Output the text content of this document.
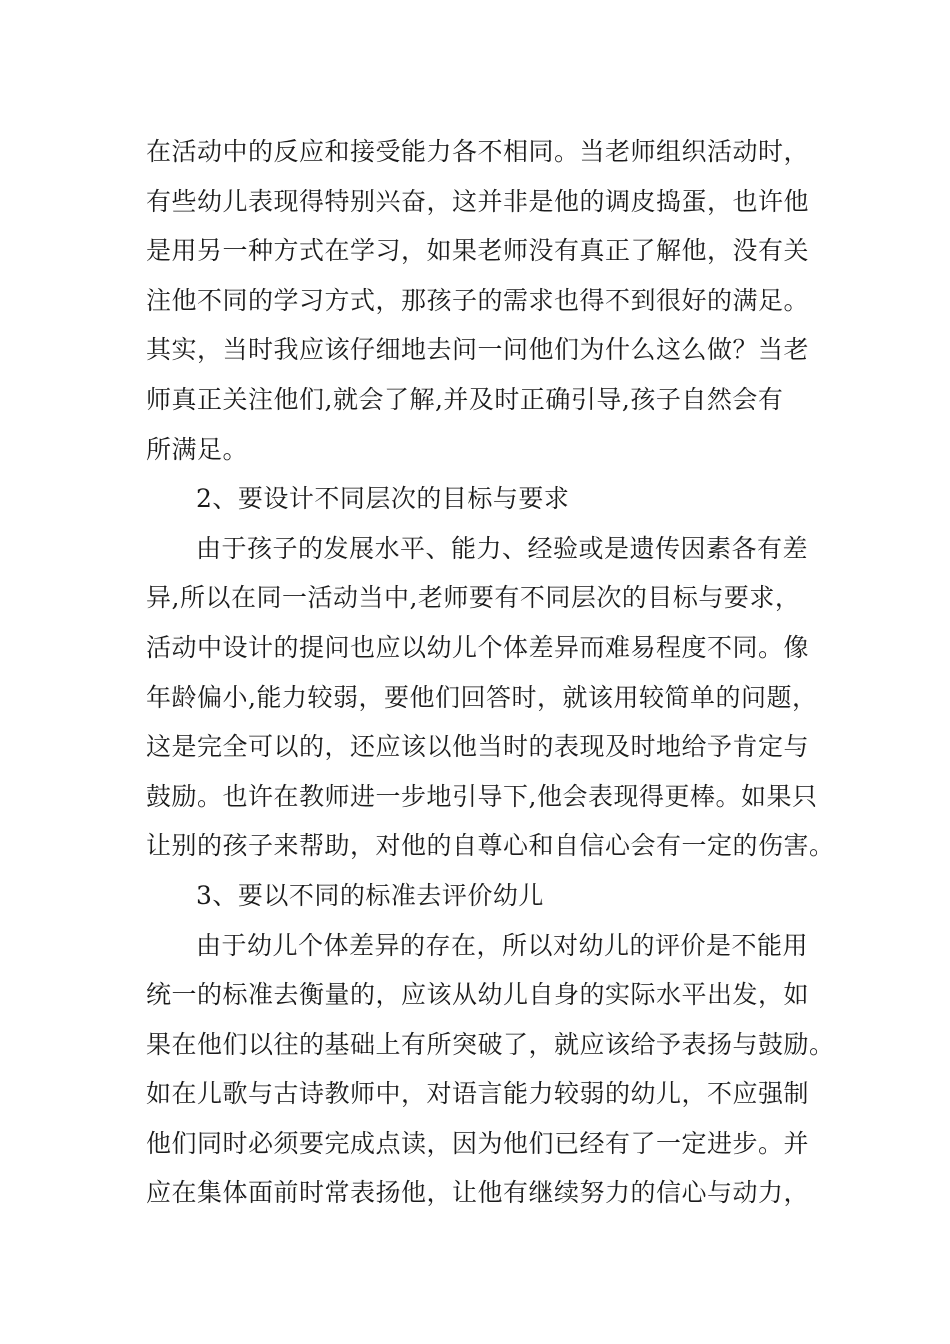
在活动中的反应和接受能力各不相同。当老师组织活动时，
有些幼儿表现得特别兴奋，这并非是他的调皮捣蛋，也许他
是用另一种方式在学习，如果老师没有真正了解他，没有关
注他不同的学习方式，那孩子的需求也得不到很好的满足。
其实，当时我应该仔细地去问一问他们为什么这么做？当老
师真正关注他们,就会了解,并及时正确引导,孩子自然会有
所满足。
2、要设计不同层次的目标与要求
由于孩子的发展水平、能力、经验或是遗传因素各有差
异,所以在同一活动当中,老师要有不同层次的目标与要求，
活动中设计的提问也应以幼儿个体差异而难易程度不同。像
年龄偏小,能力较弱，要他们回答时，就该用较简单的问题，
这是完全可以的，还应该以他当时的表现及时地给予肯定与
鼓励。也许在教师进一步地引导下,他会表现得更棒。如果只
让别的孩子来帮助，对他的自尊心和自信心会有一定的伤害。
3、要以不同的标准去评价幼儿
由于幼儿个体差异的存在，所以对幼儿的评价是不能用
统一的标准去衡量的，应该从幼儿自身的实际水平出发，如
果在他们以往的基础上有所突破了，就应该给予表扬与鼓励。
如在儿歌与古诗教师中，对语言能力较弱的幼儿，不应强制
他们同时必须要完成点读，因为他们已经有了一定进步。并
应在集体面前时常表扬他，让他有继续努力的信心与动力，
